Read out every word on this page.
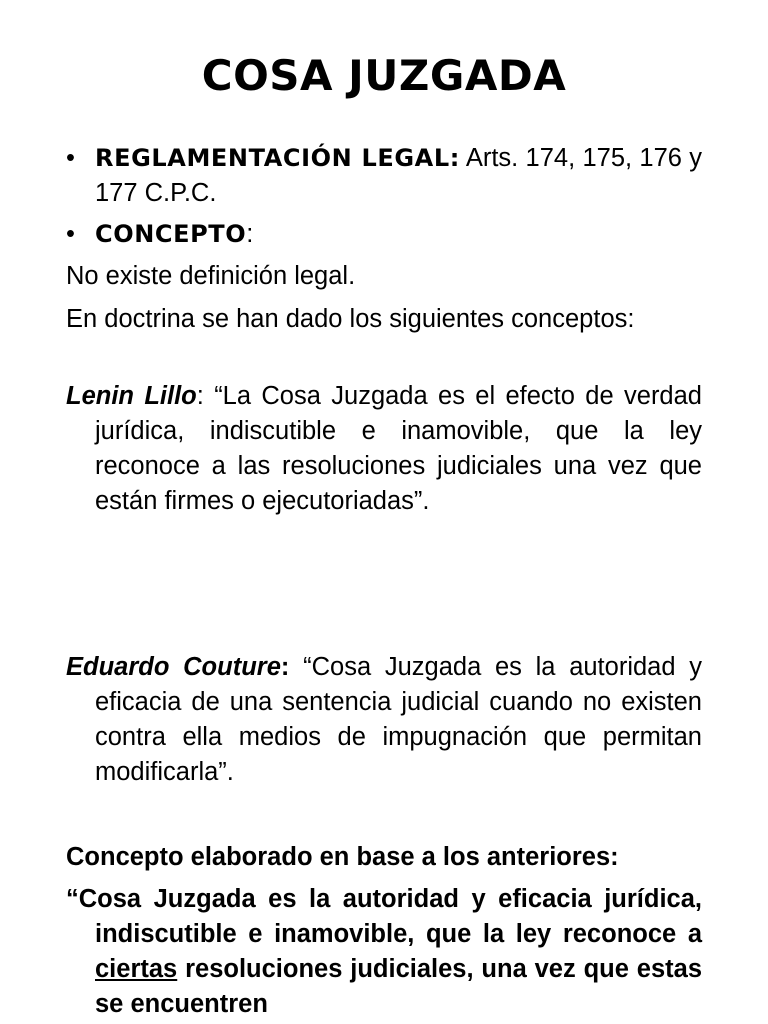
COSA JUZGADA
• REGLAMENTACIÓN LEGAL: Arts. 174, 175, 176 y 177 C.P.C.
• CONCEPTO:
No existe definición legal.
En doctrina se han dado los siguientes conceptos:
Lenin Lillo: “La Cosa Juzgada es el efecto de verdad jurídica, indiscutible e inamovible, que la ley reconoce a las resoluciones judiciales una vez que están firmes o ejecutoriadas”.
Eduardo Couture: “Cosa Juzgada es la autoridad y eficacia de una sentencia judicial cuando no existen contra ella medios de impugnación que permitan modificarla”.
Concepto elaborado en base a los anteriores:
“Cosa Juzgada es la autoridad y eficacia jurídica, indiscutible e inamovible, que la ley reconoce a ciertas resoluciones judiciales, una vez que estas se encuentren
